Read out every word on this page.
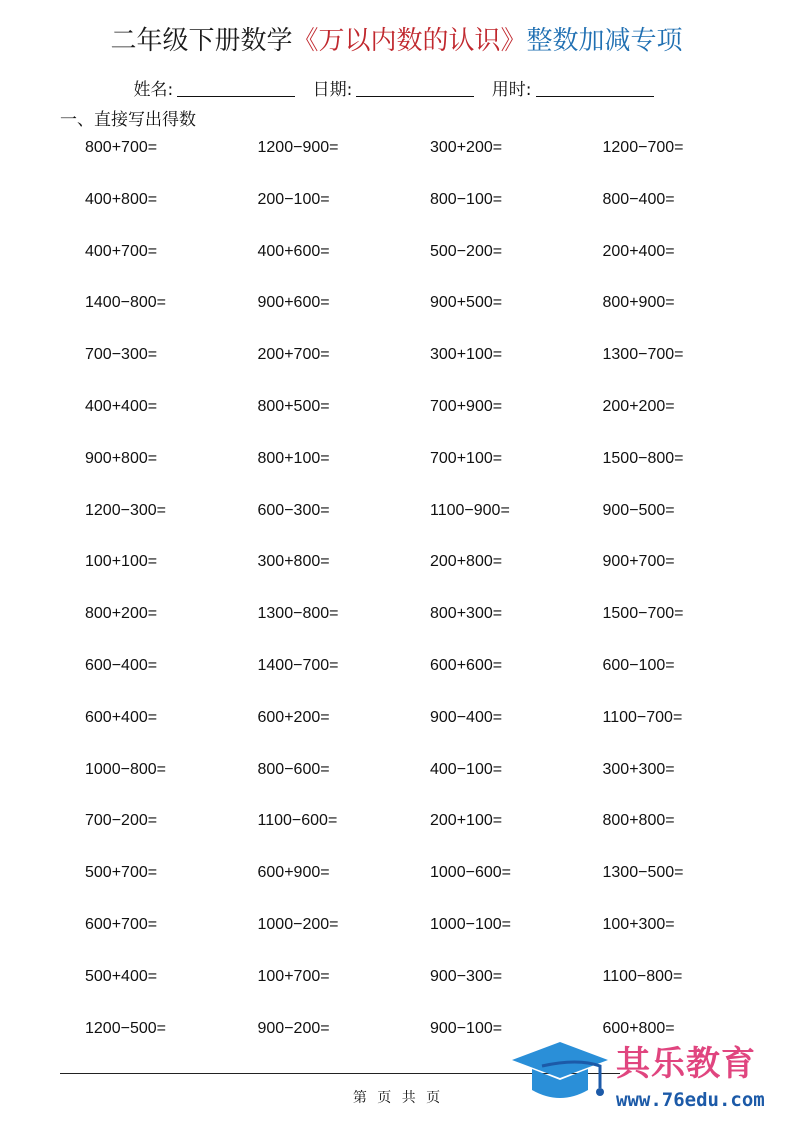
二年级下册数学《万以内数的认识》整数加减专项
姓名:	日期:	用时:
一、直接写出得数
800+700=	1200−900=	300+200=	1200−700=
400+800=	200−100=	800−100=	800−400=
400+700=	400+600=	500−200=	200+400=
1400−800=	900+600=	900+500=	800+900=
700−300=	200+700=	300+100=	1300−700=
400+400=	800+500=	700+900=	200+200=
900+800=	800+100=	700+100=	1500−800=
1200−300=	600−300=	1100−900=	900−500=
100+100=	300+800=	200+800=	900+700=
800+200=	1300−800=	800+300=	1500−700=
600−400=	1400−700=	600+600=	600−100=
600+400=	600+200=	900−400=	1100−700=
1000−800=	800−600=	400−100=	300+300=
700−200=	1100−600=	200+100=	800+800=
500+700=	600+900=	1000−600=	1300−500=
600+700=	1000−200=	1000−100=	100+300=
500+400=	100+700=	900−300=	1100−800=
1200−500=	900−200=	900−100=	600+800=
第 页 共 页
其乐教育
www.76edu.com
